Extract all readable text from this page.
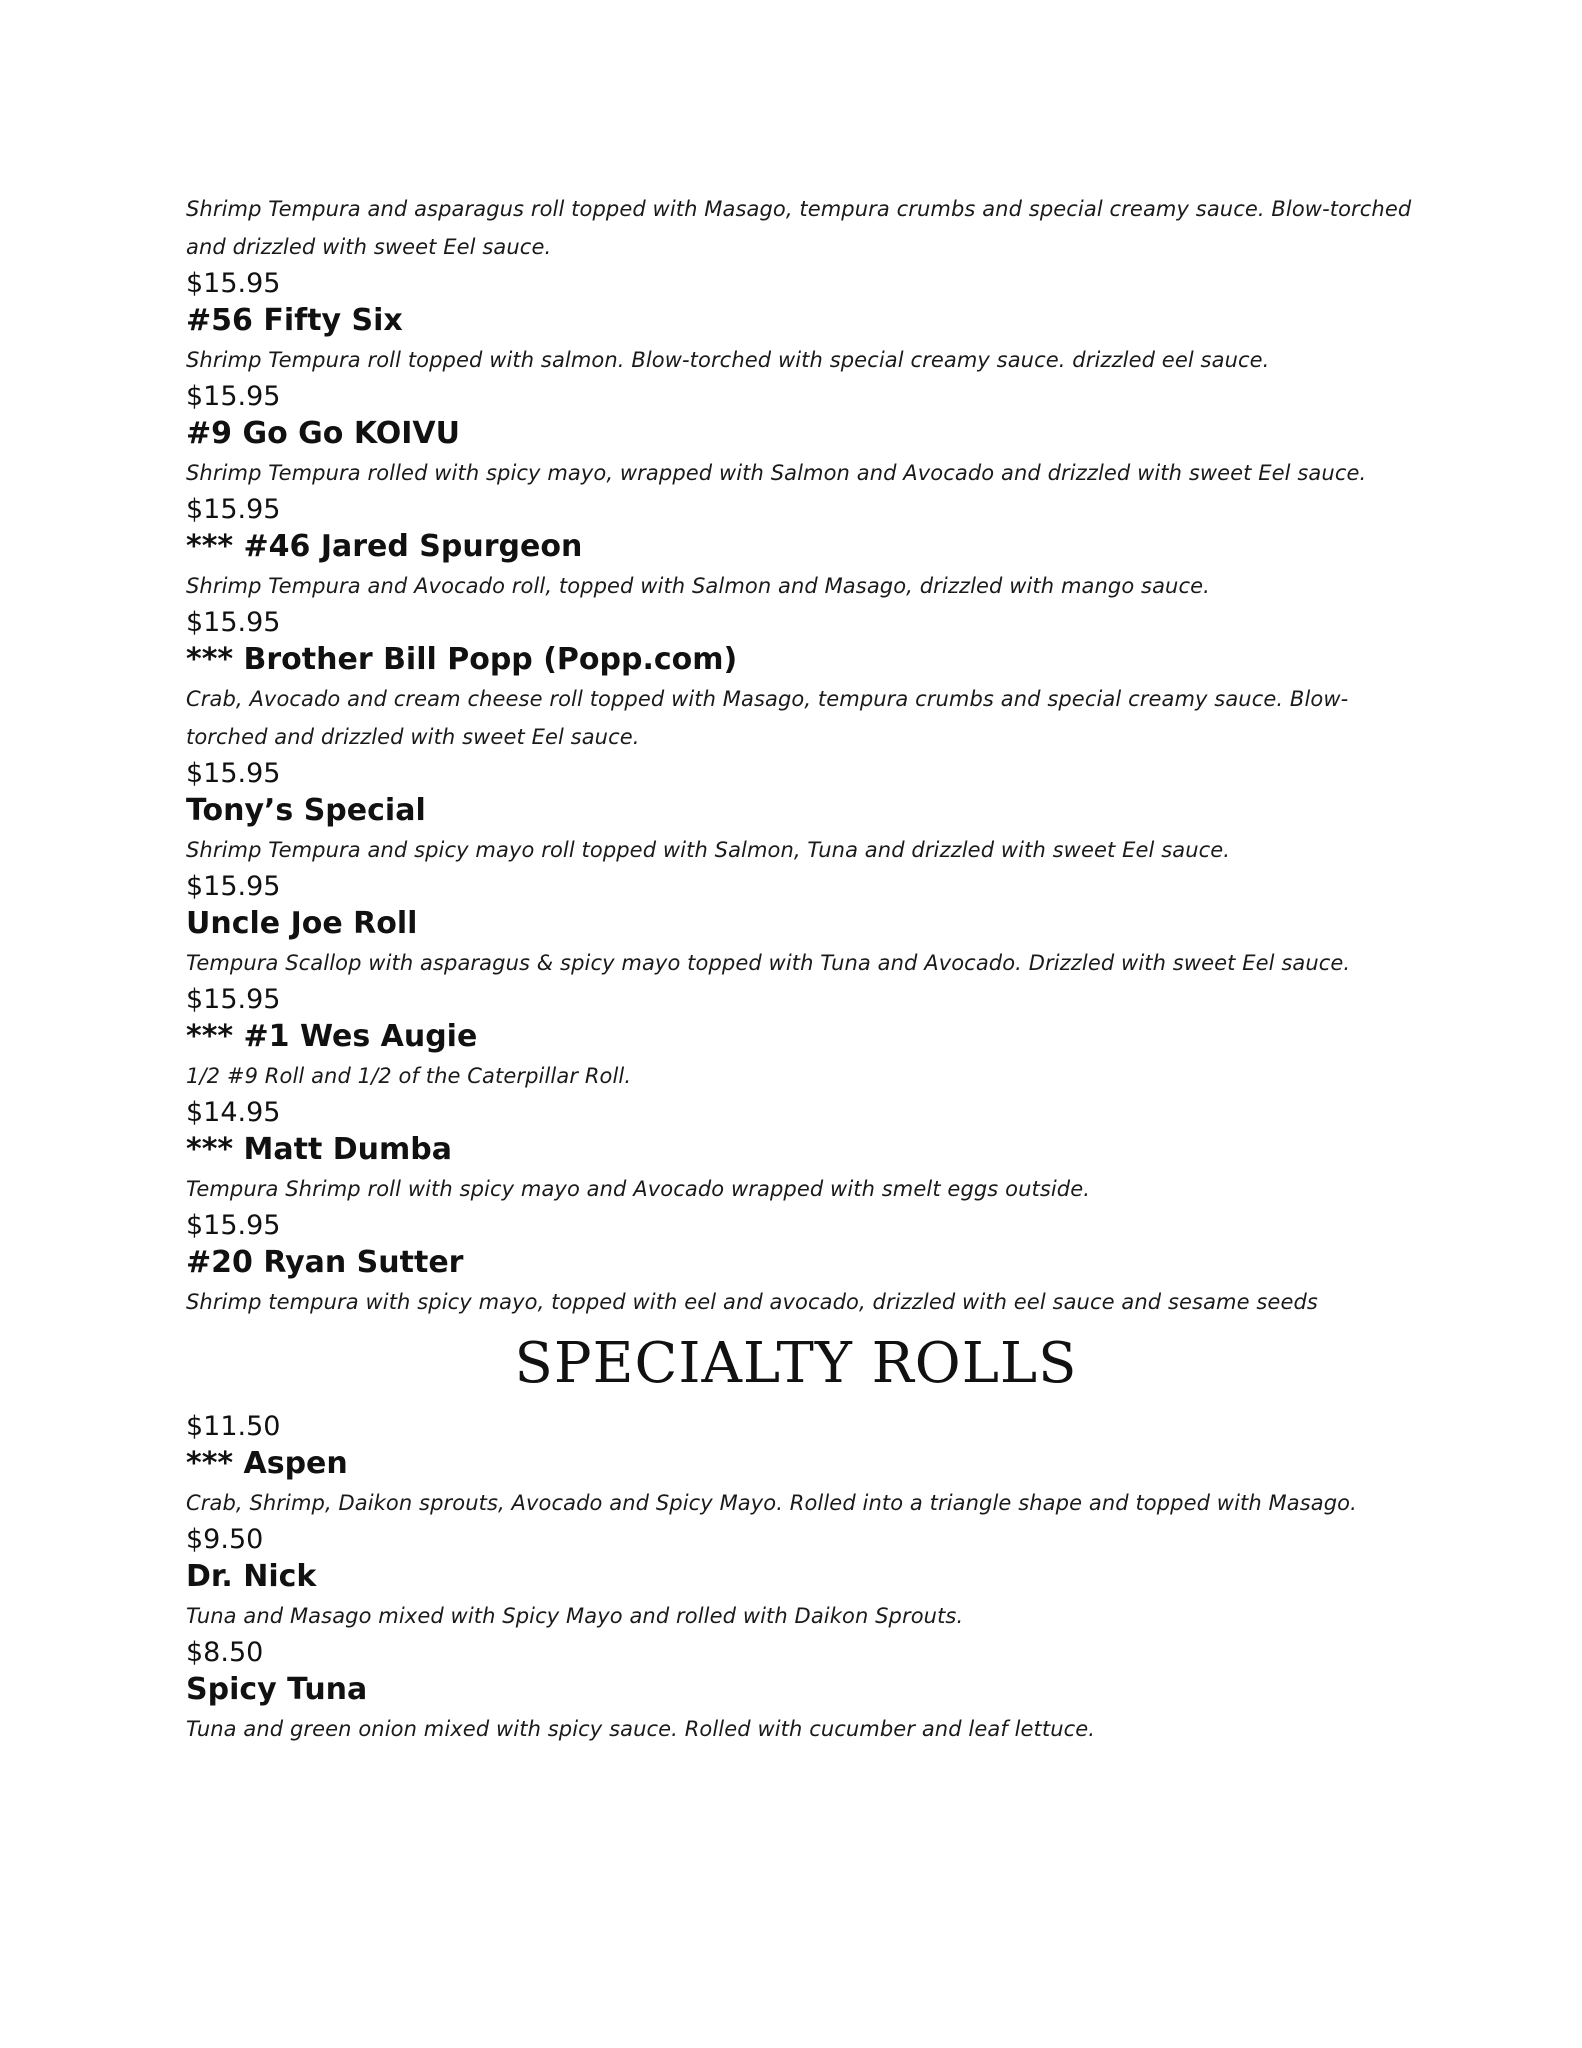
Shrimp Tempura and asparagus roll topped with Masago, tempura crumbs and special creamy sauce. Blow-torched and drizzled with sweet Eel sauce.

$15.95

#56 Fifty Six

Shrimp Tempura roll topped with salmon. Blow-torched with special creamy sauce. drizzled eel sauce.

$15.95

#9 Go Go KOIVU

Shrimp Tempura rolled with spicy mayo, wrapped with Salmon and Avocado and drizzled with sweet Eel sauce.

$15.95

*** #46 Jared Spurgeon

Shrimp Tempura and Avocado roll, topped with Salmon and Masago, drizzled with mango sauce.

$15.95

*** Brother Bill Popp (Popp.com)

Crab, Avocado and cream cheese roll topped with Masago, tempura crumbs and special creamy sauce. Blow-torched and drizzled with sweet Eel sauce.

$15.95

Tony’s Special

Shrimp Tempura and spicy mayo roll topped with Salmon, Tuna and drizzled with sweet Eel sauce.

$15.95

Uncle Joe Roll

Tempura Scallop with asparagus & spicy mayo topped with Tuna and Avocado. Drizzled with sweet Eel sauce.

$15.95

*** #1 Wes Augie

1/2 #9 Roll and 1/2 of the Caterpillar Roll.

$14.95

*** Matt Dumba

Tempura Shrimp roll with spicy mayo and Avocado wrapped with smelt eggs outside.

$15.95

#20 Ryan Sutter

Shrimp tempura with spicy mayo, topped with eel and avocado, drizzled with eel sauce and sesame seeds

SPECIALTY ROLLS

$11.50

*** Aspen

Crab, Shrimp, Daikon sprouts, Avocado and Spicy Mayo. Rolled into a triangle shape and topped with Masago.

$9.50

Dr. Nick

Tuna and Masago mixed with Spicy Mayo and rolled with Daikon Sprouts.

$8.50

Spicy Tuna

Tuna and green onion mixed with spicy sauce. Rolled with cucumber and leaf lettuce.
